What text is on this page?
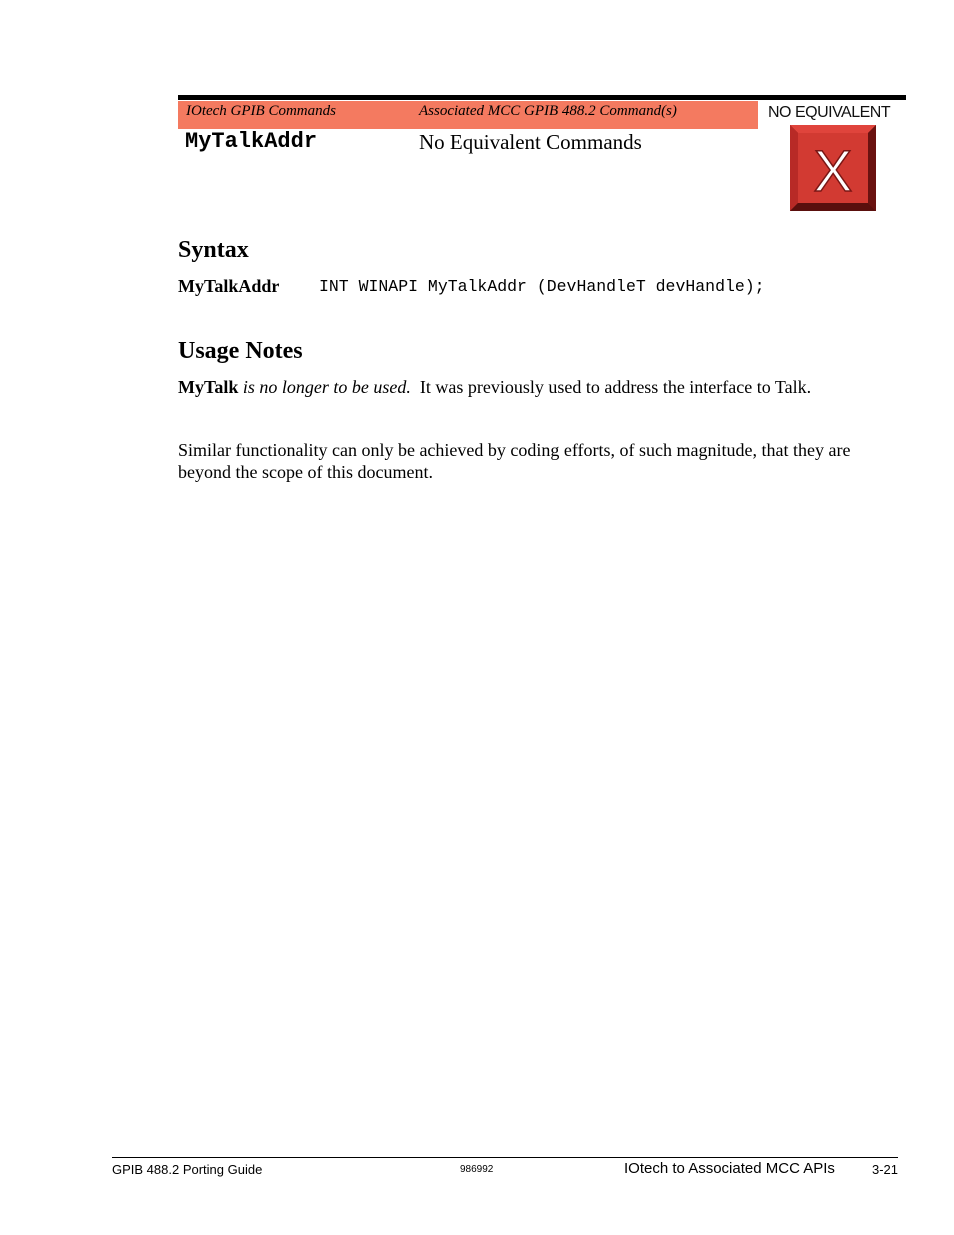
IOtech GPIB Commands	Associated MCC GPIB 488.2 Command(s)
MyTalkAddr	No Equivalent Commands
NO EQUIVALENT
X
Syntax
MyTalkAddr INT WINAPI MyTalkAddr (DevHandleT devHandle);
Usage Notes
MyTalk is no longer to be used.  It was previously used to address the interface to Talk.
Similar functionality can only be achieved by coding efforts, of such magnitude, that they are beyond the scope of this document.
GPIB 488.2 Porting Guide	986992	IOtech to Associated MCC APIs	3-21
